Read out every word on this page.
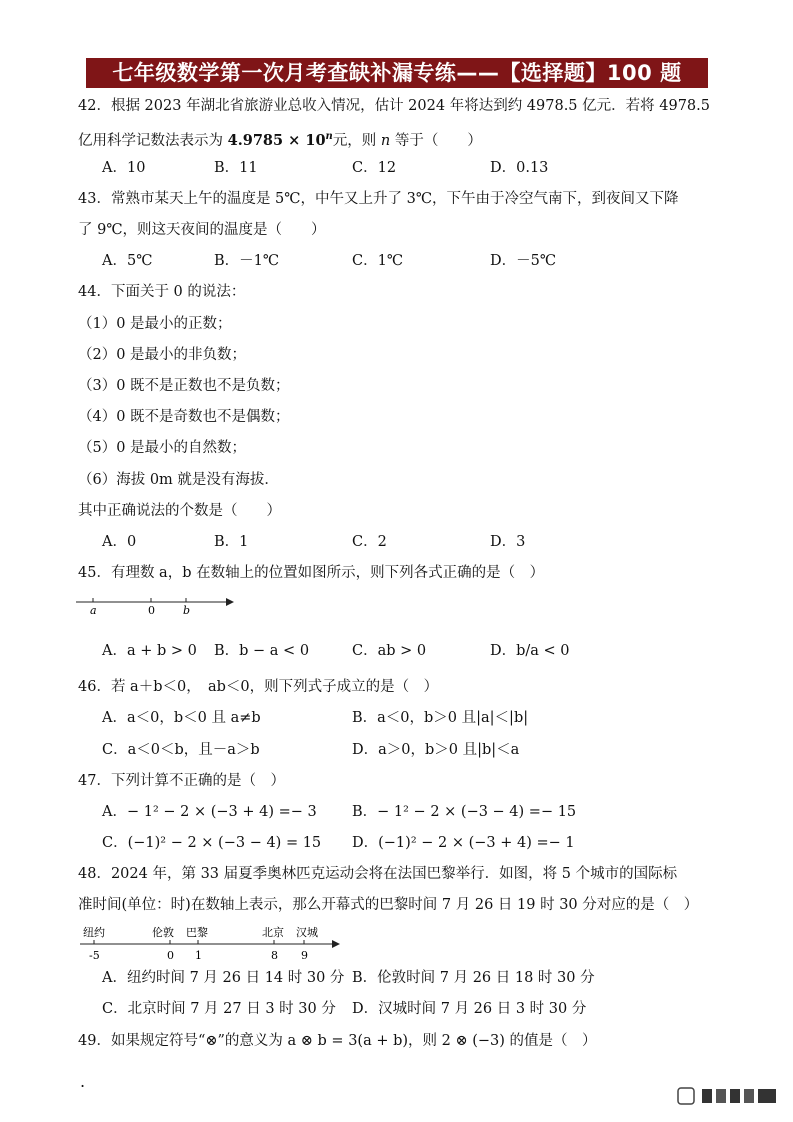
七年级数学第一次月考查缺补漏专练——【选择题】100 题
42．根据 2023 年湖北省旅游业总收入情况，估计 2024 年将达到约 4978.5 亿元．若将 4978.5
亿用科学记数法表示为 $4.9785 \times 10^n$元，则 n 等于（　　）
A．10	B．11	C．12	D．0.13
43．常熟市某天上午的温度是 5℃，中午又上升了 3℃，下午由于冷空气南下，到夜间又下降
了 9℃，则这天夜间的温度是（　　）
A．5℃	B．－1℃	C．1℃	D．－5℃
44．下面关于 0 的说法：
（1）0 是最小的正数；
（2）0 是最小的非负数；
（3）0 既不是正数也不是负数；
（4）0 既不是奇数也不是偶数；
（5）0 是最小的自然数；
（6）海拔 0m 就是没有海拔．
其中正确说法的个数是（　　）
A．0	B．1	C．2	D．3
45．有理数 a，b 在数轴上的位置如图所示，则下列各式正确的是（　）
a	0	b
A．a + b > 0 B．b − a < 0	C．ab > 0	D．b/a < 0
46．若 a＋b＜0，　ab＜0，则下列式子成立的是（　）
A．a＜0，b＜0 且 a≠b	B．a＜0，b＞0 且|a|＜|b|
C．a＜0＜b，且－a＞b	D．a＞0，b＞0 且|b|＜a
47．下列计算不正确的是（　）
A．− 1² − 2 × (−3 + 4) =− 3 B．− 1² − 2 × (−3 − 4) =− 15
C．(−1)² − 2 × (−3 − 4) = 15 D．(−1)² − 2 × (−3 + 4) =− 1
48．2024 年，第 33 届夏季奥林匹克运动会将在法国巴黎举行．如图，将 5 个城市的国际标
准时间(单位：时)在数轴上表示，那么开幕式的巴黎时间 7 月 26 日 19 时 30 分对应的是（　）
纽约	伦敦 巴黎	北京 汉城
-5	0 1	8 9
A．纽约时间 7 月 26 日 14 时 30 分 B．伦敦时间 7 月 26 日 18 时 30 分
C．北京时间 7 月 27 日 3 时 30 分 D．汉城时间 7 月 26 日 3 时 30 分
49．如果规定符号“⊗”的意义为 a ⊗ b = 3(a + b)，则 2 ⊗ (−3) 的值是（　）
.
